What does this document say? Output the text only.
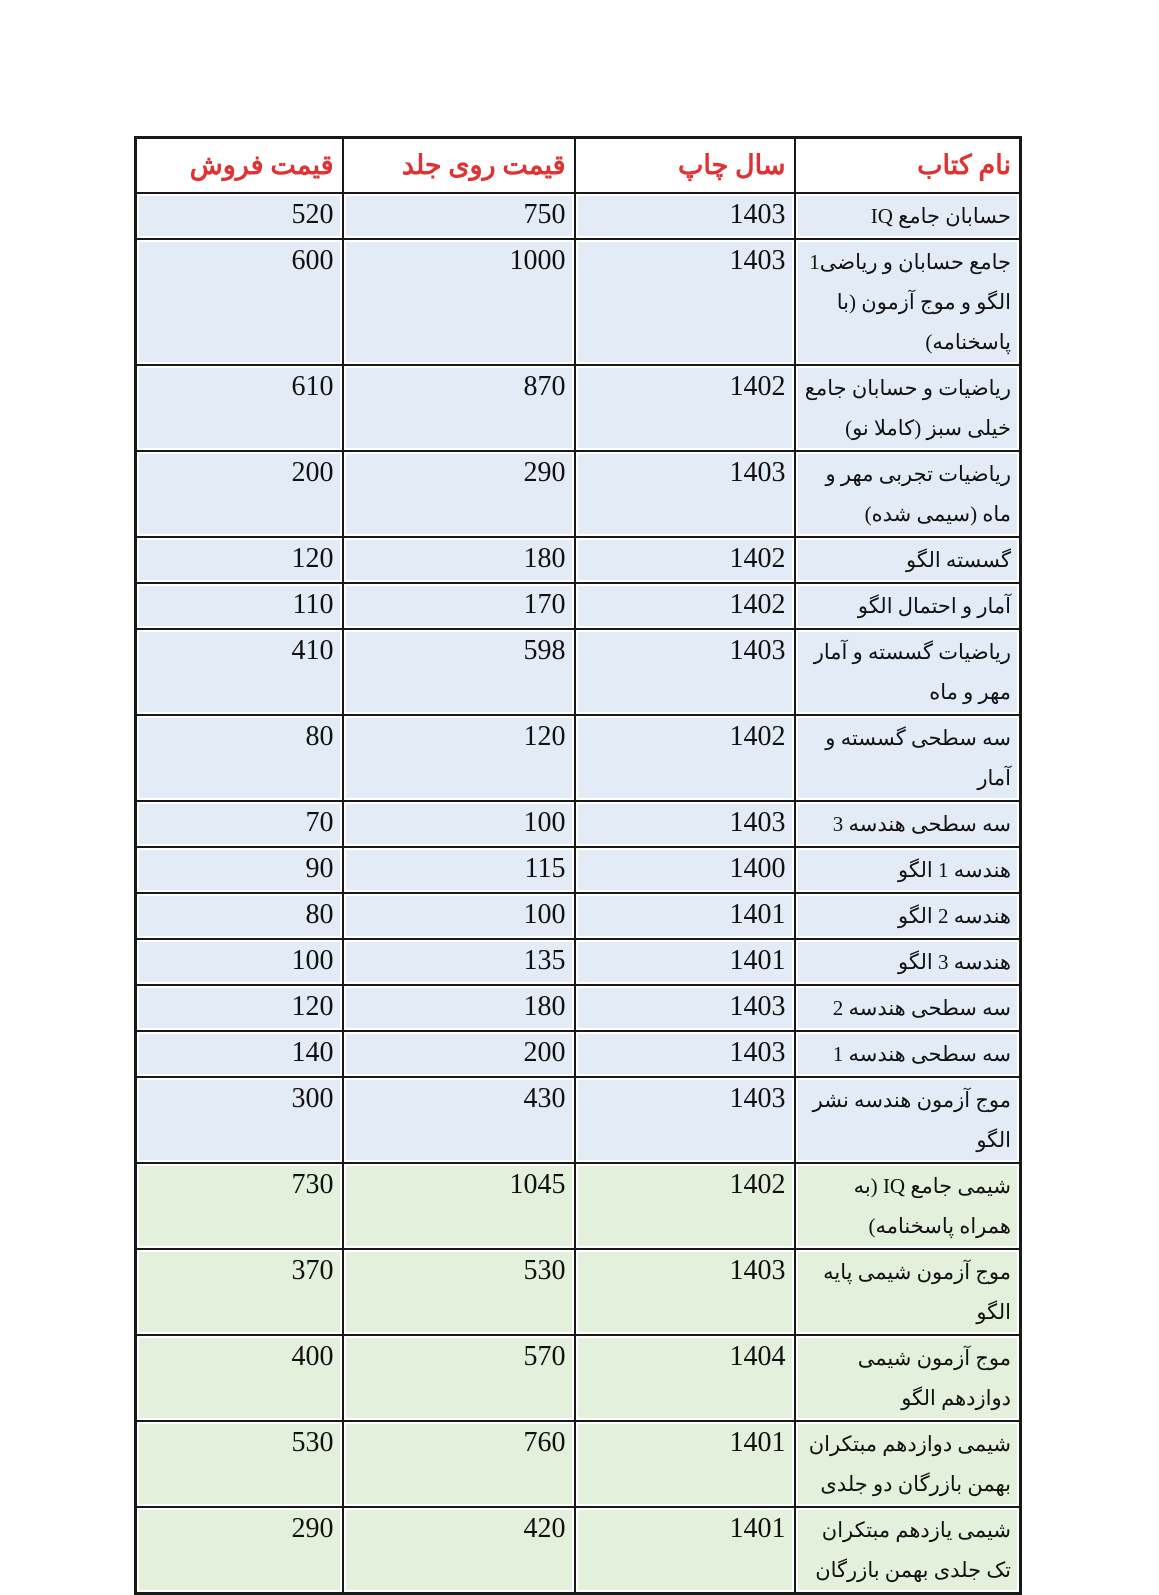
نام کتاب	سال چاپ	قیمت روی جلد	قیمت فروش
حسابان جامع IQ	1403	750	520
جامع حسابان و ریاضی1 الگو و موج آزمون (با پاسخنامه)	1403	1000	600
ریاضیات و حسابان جامع خیلی سبز (کاملا نو)	1402	870	610
ریاضیات تجربی مهر و ماه (سیمی شده)	1403	290	200
گسسته الگو	1402	180	120
آمار و احتمال الگو	1402	170	110
ریاضیات گسسته و آمار مهر و ماه	1403	598	410
سه سطحی گسسته و آمار	1402	120	80
سه سطحی هندسه 3	1403	100	70
هندسه 1 الگو	1400	115	90
هندسه 2 الگو	1401	100	80
هندسه 3 الگو	1401	135	100
سه سطحی هندسه 2	1403	180	120
سه سطحی هندسه 1	1403	200	140
موج آزمون هندسه نشر الگو	1403	430	300
شیمی جامع IQ (به همراه پاسخنامه)	1402	1045	730
موج آزمون شیمی پایه الگو	1403	530	370
موج آزمون شیمی دوازدهم الگو	1404	570	400
شیمی دوازدهم مبتکران بهمن بازرگان دو جلدی	1401	760	530
شیمی یازدهم مبتکران تک جلدی بهمن بازرگان	1401	420	290
